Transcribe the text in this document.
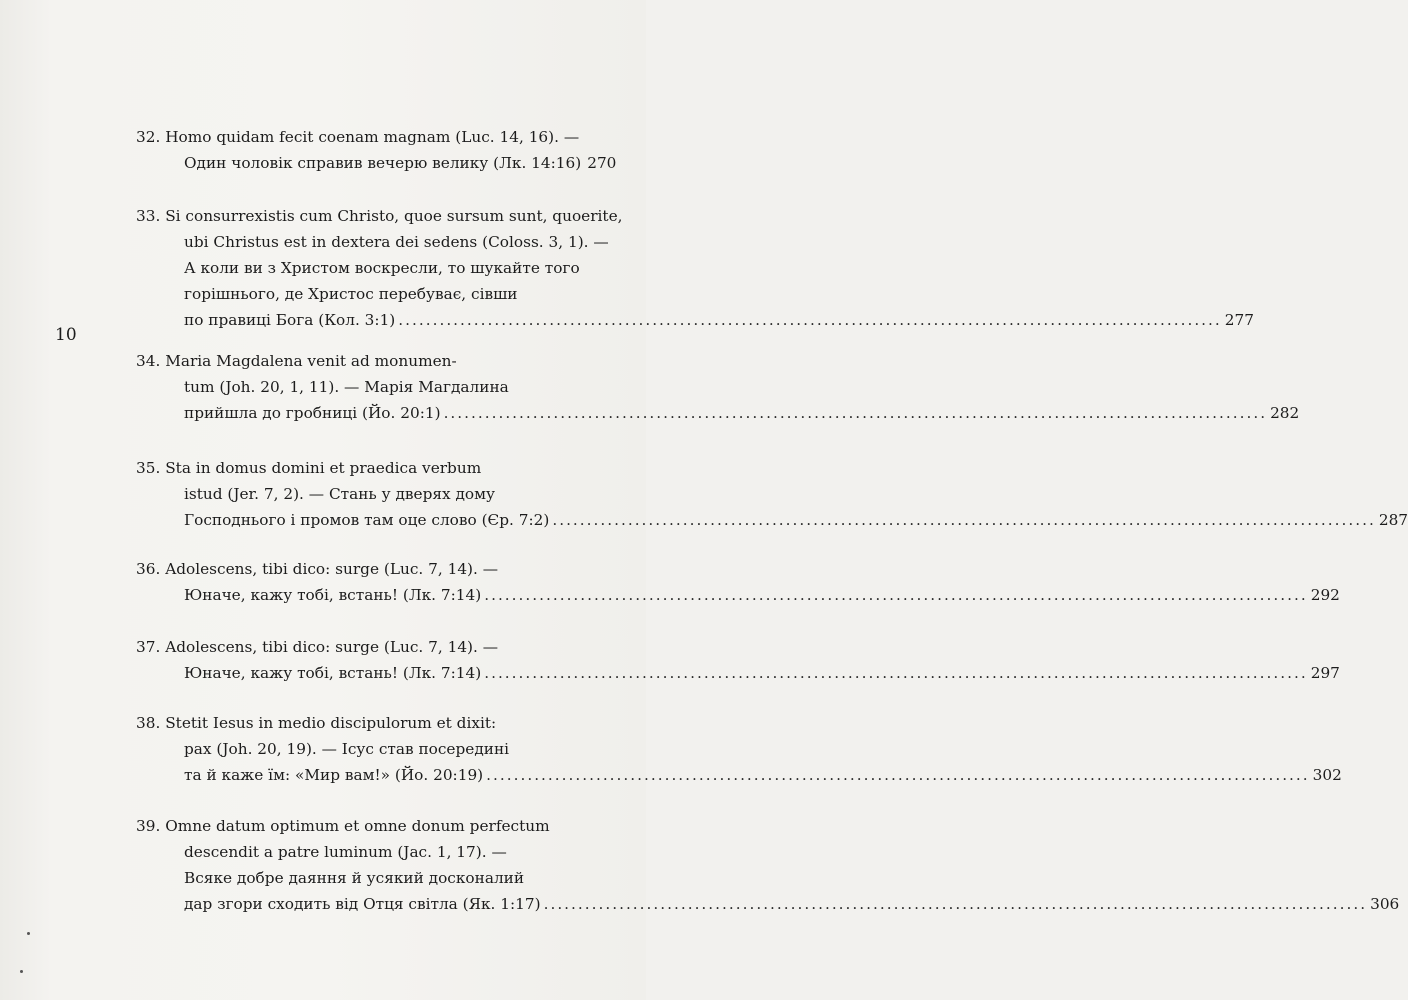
10
32. Homo quidam fecit coenam magnam (Luc. 14, 16). —
Один чоловік справив вечерю велику (Лк. 14:16) 270
33. Si consurrexistis cum Christo, quoe sursum sunt, quoerite,
ubi Christus est in dextera dei sedens (Coloss. 3, 1). —
А коли ви з Христом воскресли, то шукайте того
горішнього, де Христос перебуває, сівши
по правиці Бога (Кол. 3:1) ........................................................................................................................ 277
34. Maria Magdalena venit ad monumen-
tum (Joh. 20, 1, 11). — Марія Магдалина
прийшла до гробниці (Йо. 20:1) ........................................................................................................................ 282
35. Sta in domus domini et praedica verbum
istud (Jer. 7, 2). — Стань у дверях дому
Господнього і промов там оце слово (Єр. 7:2) ........................................................................................................................ 287
36. Adolescens, tibi dico: surge (Luc. 7, 14). —
Юначе, кажу тобі, встань! (Лк. 7:14) ........................................................................................................................ 292
37. Adolescens, tibi dico: surge (Luc. 7, 14). —
Юначе, кажу тобі, встань! (Лк. 7:14) ........................................................................................................................ 297
38. Stetit Iesus in medio discipulorum et dixit:
pax (Joh. 20, 19). — Ісус став посередині
та й каже їм: «Мир вам!» (Йо. 20:19) ........................................................................................................................ 302
39. Omne datum optimum et omne donum perfectum
descendit a patre luminum (Jac. 1, 17). —
Всяке добре даяння й усякий досконалий
дар згори сходить від Отця світла (Як. 1:17) ........................................................................................................................ 306
